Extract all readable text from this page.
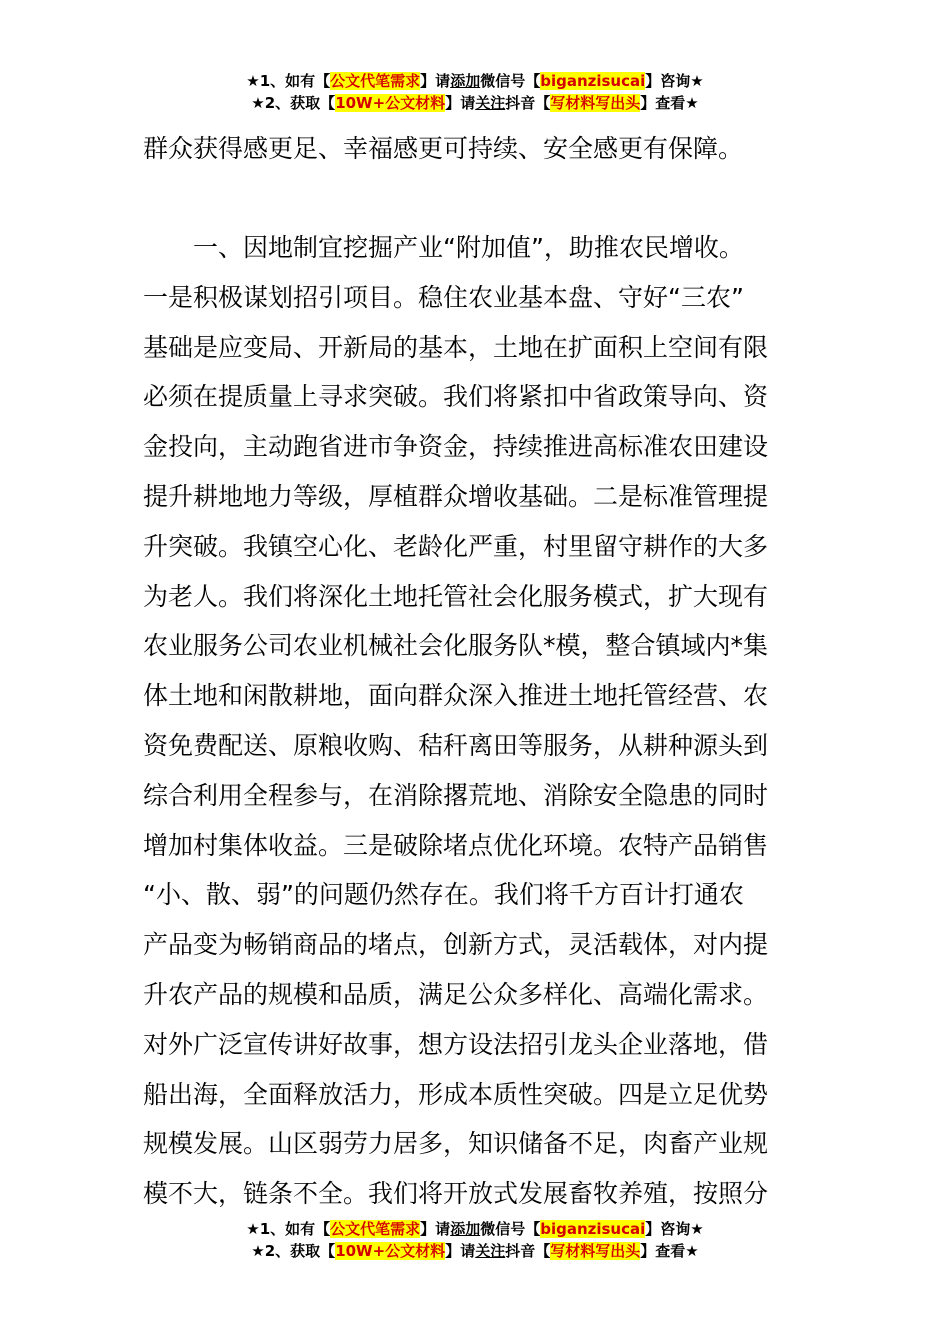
★1、如有【公文代笔需求】请添加微信号【biganzisucai】咨询★
★2、获取【10W+公文材料】请关注抖音【写材料写出头】查看★
群众获得感更足、幸福感更可持续、安全感更有保障。
　　一、因地制宜挖掘产业“附加值”，助推农民增收。
一是积极谋划招引项目。稳住农业基本盘、守好“三农”
基础是应变局、开新局的基本，土地在扩面积上空间有限
必须在提质量上寻求突破。我们将紧扣中省政策导向、资
金投向，主动跑省进市争资金，持续推进高标准农田建设
提升耕地地力等级，厚植群众增收基础。二是标准管理提
升突破。我镇空心化、老龄化严重，村里留守耕作的大多
为老人。我们将深化土地托管社会化服务模式，扩大现有
农业服务公司农业机械社会化服务队*模，整合镇域内*集
体土地和闲散耕地，面向群众深入推进土地托管经营、农
资免费配送、原粮收购、秸秆离田等服务，从耕种源头到
综合利用全程参与，在消除撂荒地、消除安全隐患的同时
增加村集体收益。三是破除堵点优化环境。农特产品销售
“小、散、弱”的问题仍然存在。我们将千方百计打通农
产品变为畅销商品的堵点，创新方式，灵活载体，对内提
升农产品的规模和品质，满足公众多样化、高端化需求。
对外广泛宣传讲好故事，想方设法招引龙头企业落地，借
船出海，全面释放活力，形成本质性突破。四是立足优势
规模发展。山区弱劳力居多，知识储备不足，肉畜产业规
模不大，链条不全。我们将开放式发展畜牧养殖，按照分
★1、如有【公文代笔需求】请添加微信号【biganzisucai】咨询★
★2、获取【10W+公文材料】请关注抖音【写材料写出头】查看★
